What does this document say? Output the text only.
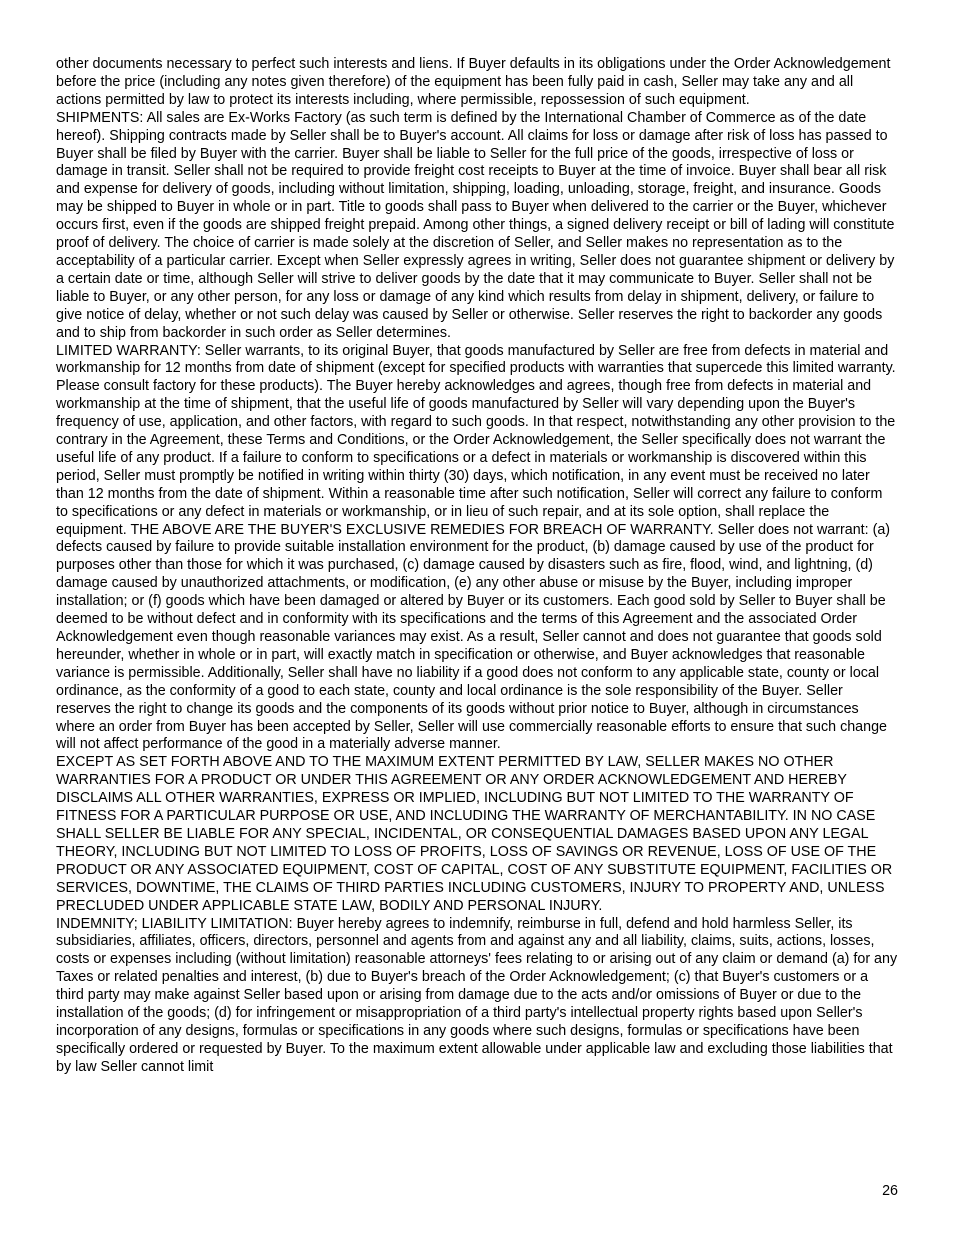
other documents necessary to perfect such interests and liens. If Buyer defaults in its obligations under the Order Acknowledgement before the price (including any notes given therefore) of the equipment has been fully paid in cash, Seller may take any and all actions permitted by law to protect its interests including, where permissible, repossession of such equipment.

SHIPMENTS: All sales are Ex-Works Factory (as such term is defined by the International Chamber of Commerce as of the date hereof). Shipping contracts made by Seller shall be to Buyer's account. All claims for loss or damage after risk of loss has passed to Buyer shall be filed by Buyer with the carrier. Buyer shall be liable to Seller for the full price of the goods, irrespective of loss or damage in transit. Seller shall not be required to provide freight cost receipts to Buyer at the time of invoice. Buyer shall bear all risk and expense for delivery of goods, including without limitation, shipping, loading, unloading, storage, freight, and insurance. Goods may be shipped to Buyer in whole or in part. Title to goods shall pass to Buyer when delivered to the carrier or the Buyer, whichever occurs first, even if the goods are shipped freight prepaid. Among other things, a signed delivery receipt or bill of lading will constitute proof of delivery. The choice of carrier is made solely at the discretion of Seller, and Seller makes no representation as to the acceptability of a particular carrier. Except when Seller expressly agrees in writing, Seller does not guarantee shipment or delivery by a certain date or time, although Seller will strive to deliver goods by the date that it may communicate to Buyer. Seller shall not be liable to Buyer, or any other person, for any loss or damage of any kind which results from delay in shipment, delivery, or failure to give notice of delay, whether or not such delay was caused by Seller or otherwise. Seller reserves the right to backorder any goods and to ship from backorder in such order as Seller determines.

LIMITED WARRANTY: Seller warrants, to its original Buyer, that goods manufactured by Seller are free from defects in material and workmanship for 12 months from date of shipment (except for specified products with warranties that supercede this limited warranty. Please consult factory for these products). The Buyer hereby acknowledges and agrees, though free from defects in material and workmanship at the time of shipment, that the useful life of goods manufactured by Seller will vary depending upon the Buyer's frequency of use, application, and other factors, with regard to such goods. In that respect, notwithstanding any other provision to the contrary in the Agreement, these Terms and Conditions, or the Order Acknowledgement, the Seller specifically does not warrant the useful life of any product. If a failure to conform to specifications or a defect in materials or workmanship is discovered within this period, Seller must promptly be notified in writing within thirty (30) days, which notification, in any event must be received no later than 12 months from the date of shipment. Within a reasonable time after such notification, Seller will correct any failure to conform to specifications or any defect in materials or workmanship, or in lieu of such repair, and at its sole option, shall replace the equipment. THE ABOVE ARE THE BUYER'S EXCLUSIVE REMEDIES FOR BREACH OF WARRANTY. Seller does not warrant: (a) defects caused by failure to provide suitable installation environment for the product, (b) damage caused by use of the product for purposes other than those for which it was purchased, (c) damage caused by disasters such as fire, flood, wind, and lightning, (d) damage caused by unauthorized attachments, or modification, (e) any other abuse or misuse by the Buyer, including improper installation; or (f) goods which have been damaged or altered by Buyer or its customers. Each good sold by Seller to Buyer shall be deemed to be without defect and in conformity with its specifications and the terms of this Agreement and the associated Order Acknowledgement even though reasonable variances may exist. As a result, Seller cannot and does not guarantee that goods sold hereunder, whether in whole or in part, will exactly match in specification or otherwise, and Buyer acknowledges that reasonable variance is permissible. Additionally, Seller shall have no liability if a good does not conform to any applicable state, county or local ordinance, as the conformity of a good to each state, county and local ordinance is the sole responsibility of the Buyer. Seller reserves the right to change its goods and the components of its goods without prior notice to Buyer, although in circumstances where an order from Buyer has been accepted by Seller, Seller will use commercially reasonable efforts to ensure that such change will not affect performance of the good in a materially adverse manner.

EXCEPT AS SET FORTH ABOVE AND TO THE MAXIMUM EXTENT PERMITTED BY LAW, SELLER MAKES NO OTHER WARRANTIES FOR A PRODUCT OR UNDER THIS AGREEMENT OR ANY ORDER ACKNOWLEDGEMENT AND HEREBY DISCLAIMS ALL OTHER WARRANTIES, EXPRESS OR IMPLIED, INCLUDING BUT NOT LIMITED TO THE WARRANTY OF FITNESS FOR A PARTICULAR PURPOSE OR USE, AND INCLUDING THE WARRANTY OF MERCHANTABILITY. IN NO CASE SHALL SELLER BE LIABLE FOR ANY SPECIAL, INCIDENTAL, OR CONSEQUENTIAL DAMAGES BASED UPON ANY LEGAL THEORY, INCLUDING BUT NOT LIMITED TO LOSS OF PROFITS, LOSS OF SAVINGS OR REVENUE, LOSS OF USE OF THE PRODUCT OR ANY ASSOCIATED EQUIPMENT, COST OF CAPITAL, COST OF ANY SUBSTITUTE EQUIPMENT, FACILITIES OR SERVICES, DOWNTIME, THE CLAIMS OF THIRD PARTIES INCLUDING CUSTOMERS, INJURY TO PROPERTY AND, UNLESS PRECLUDED UNDER APPLICABLE STATE LAW, BODILY AND PERSONAL INJURY.

INDEMNITY; LIABILITY LIMITATION: Buyer hereby agrees to indemnify, reimburse in full, defend and hold harmless Seller, its subsidiaries, affiliates, officers, directors, personnel and agents from and against any and all liability, claims, suits, actions, losses, costs or expenses including (without limitation) reasonable attorneys' fees relating to or arising out of any claim or demand (a) for any Taxes or related penalties and interest, (b) due to Buyer's breach of the Order Acknowledgement; (c) that Buyer's customers or a third party may make against Seller based upon or arising from damage due to the acts and/or omissions of Buyer or due to the installation of the goods; (d) for infringement or misappropriation of a third party's intellectual property rights based upon Seller's incorporation of any designs, formulas or specifications in any goods where such designs, formulas or specifications have been specifically ordered or requested by Buyer. To the maximum extent allowable under applicable law and excluding those liabilities that by law Seller cannot limit

26
